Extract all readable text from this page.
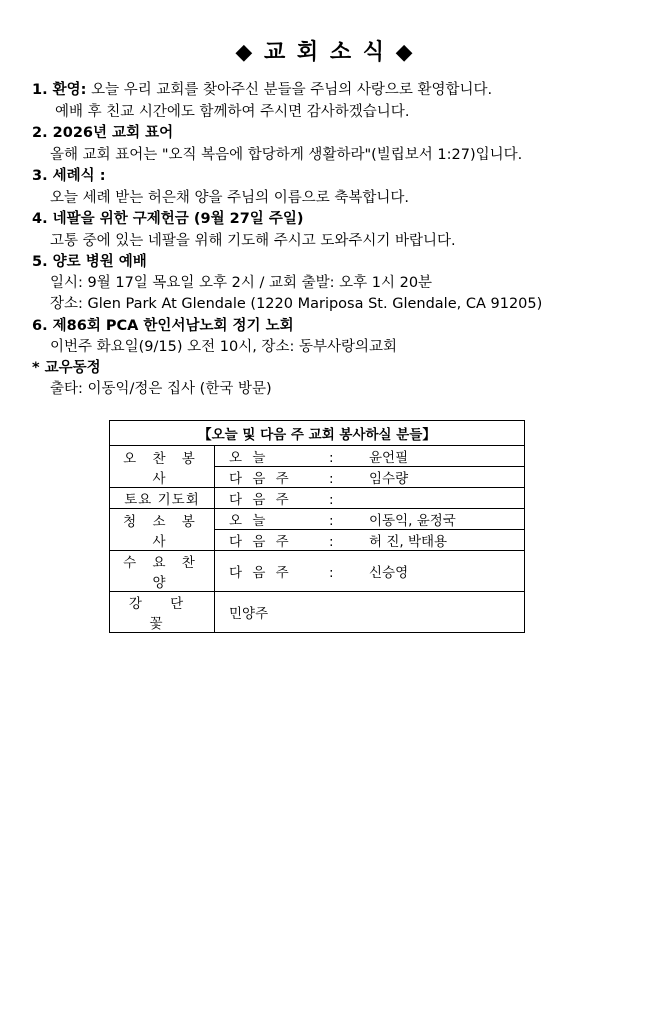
◆ 교 회 소 식 ◆
1. 환영: 오늘 우리 교회를 찾아주신 분들을 주님의 사랑으로 환영합니다.
예배 후 친교 시간에도 함께하여 주시면 감사하겠습니다.
2. 2026년 교회 표어
올해 교회 표어는 "오직 복음에 합당하게 생활하라"(빌립보서 1:27)입니다.
3. 세례식 :
오늘 세례 받는 허은채 양을 주님의 이름으로 축복합니다.
4. 네팔을 위한 구제헌금 (9월 27일 주일)
고통 중에 있는 네팔을 위해 기도해 주시고 도와주시기 바랍니다.
5. 양로 병원 예배
일시: 9월 17일 목요일 오후 2시 / 교회 출발: 오후 1시 20분
장소: Glen Park At Glendale (1220 Mariposa St. Glendale, CA 91205)
6. 제86회 PCA 한인서남노회 정기 노회
이번주 화요일(9/15) 오전 10시, 장소: 동부사랑의교회
* 교우동정
출타: 이동익/정은 집사 (한국 방문)
【오늘 및 다음 주 교회 봉사하실 분들】	
오 찬 봉 사	오 늘 : 윤언필
	다 음 주 : 임수량
토요 기도회	다 음 주 :
청 소 봉 사	오 늘 : 이동익, 윤정국
	다 음 주 : 허 진, 박태용
수 요 찬 양	다 음 주 : 신승영
강 단 꽃	민양주
